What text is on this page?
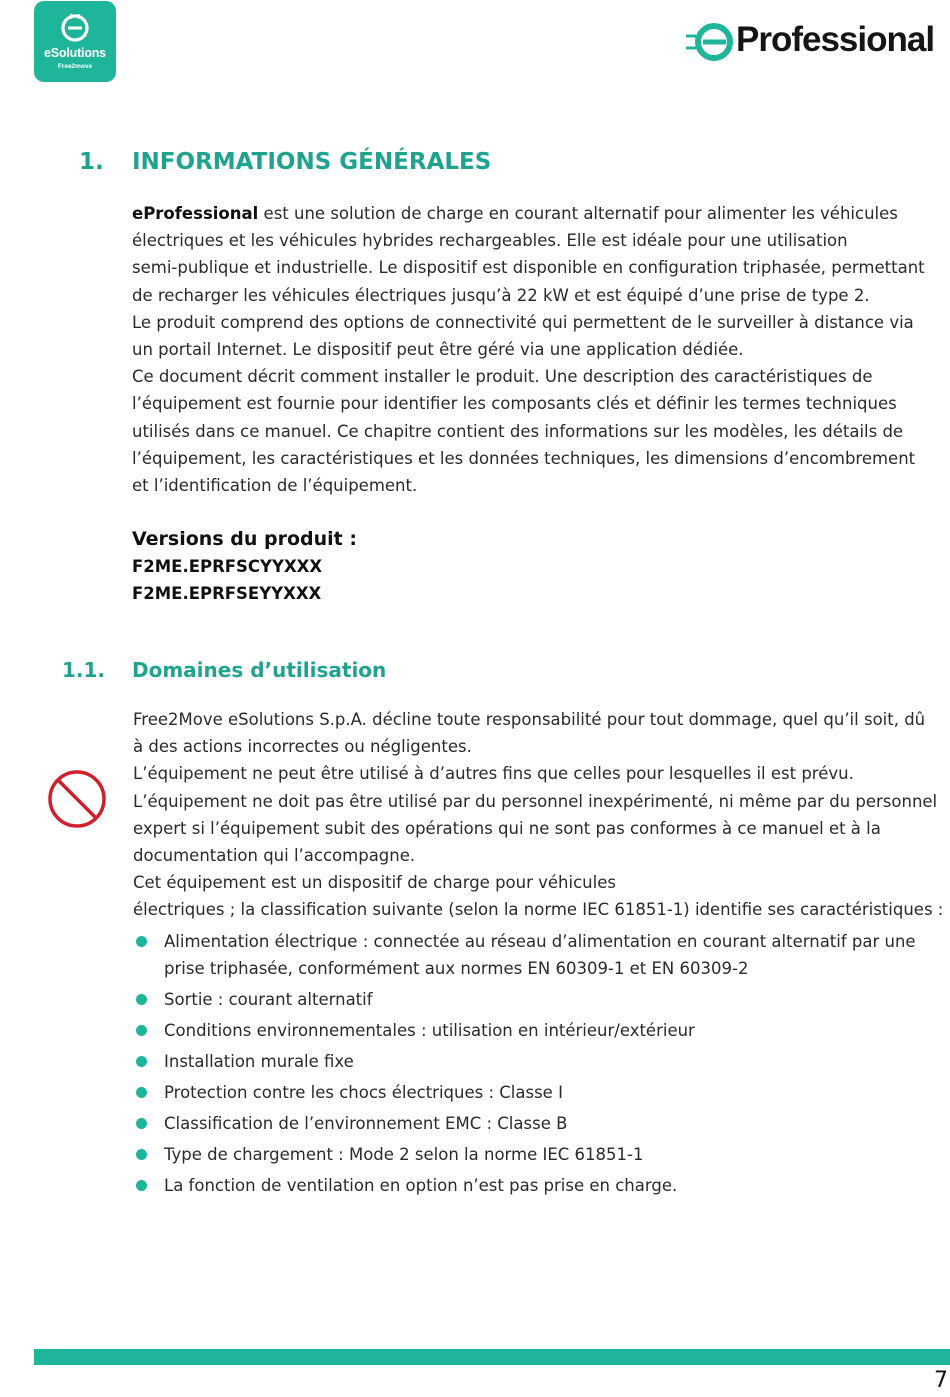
eSolutions
Free2move
Professional
1. INFORMATIONS GÉNÉRALES

eProfessional est une solution de charge en courant alternatif pour alimenter les véhicules

électriques et les véhicules hybrides rechargeables. Elle est idéale pour une utilisation

semi-publique et industrielle. Le dispositif est disponible en configuration triphasée, permettant

de recharger les véhicules électriques jusqu’à 22 kW et est équipé d’une prise de type 2.

Le produit comprend des options de connectivité qui permettent de le surveiller à distance via

un portail Internet. Le dispositif peut être géré via une application dédiée.

Ce document décrit comment installer le produit. Une description des caractéristiques de

l’équipement est fournie pour identifier les composants clés et définir les termes techniques

utilisés dans ce manuel. Ce chapitre contient des informations sur les modèles, les détails de

l’équipement, les caractéristiques et les données techniques, les dimensions d’encombrement

et l’identification de l’équipement.

Versions du produit :
F2ME.EPRFSCYYXXX
F2ME.EPRFSEYYXXX
1.1. Domaines d’utilisation

Free2Move eSolutions S.p.A. décline toute responsabilité pour tout dommage, quel qu’il soit, dû

à des actions incorrectes ou négligentes.

L’équipement ne peut être utilisé à d’autres fins que celles pour lesquelles il est prévu.

L’équipement ne doit pas être utilisé par du personnel inexpérimenté, ni même par du personnel

expert si l’équipement subit des opérations qui ne sont pas conformes à ce manuel et à la

documentation qui l’accompagne.

Cet équipement est un dispositif de charge pour véhicules

électriques ; la classification suivante (selon la norme IEC 61851-1) identifie ses caractéristiques :

Alimentation électrique : connectée au réseau d’alimentation en courant alternatif par une prise triphasée, conformément aux normes EN 60309-1 et EN 60309-2
Sortie : courant alternatif
Conditions environnementales : utilisation en intérieur/extérieur
Installation murale fixe
Protection contre les chocs électriques : Classe I
Classification de l’environnement EMC : Classe B
Type de chargement : Mode 2 selon la norme IEC 61851-1
La fonction de ventilation en option n’est pas prise en charge.
7
